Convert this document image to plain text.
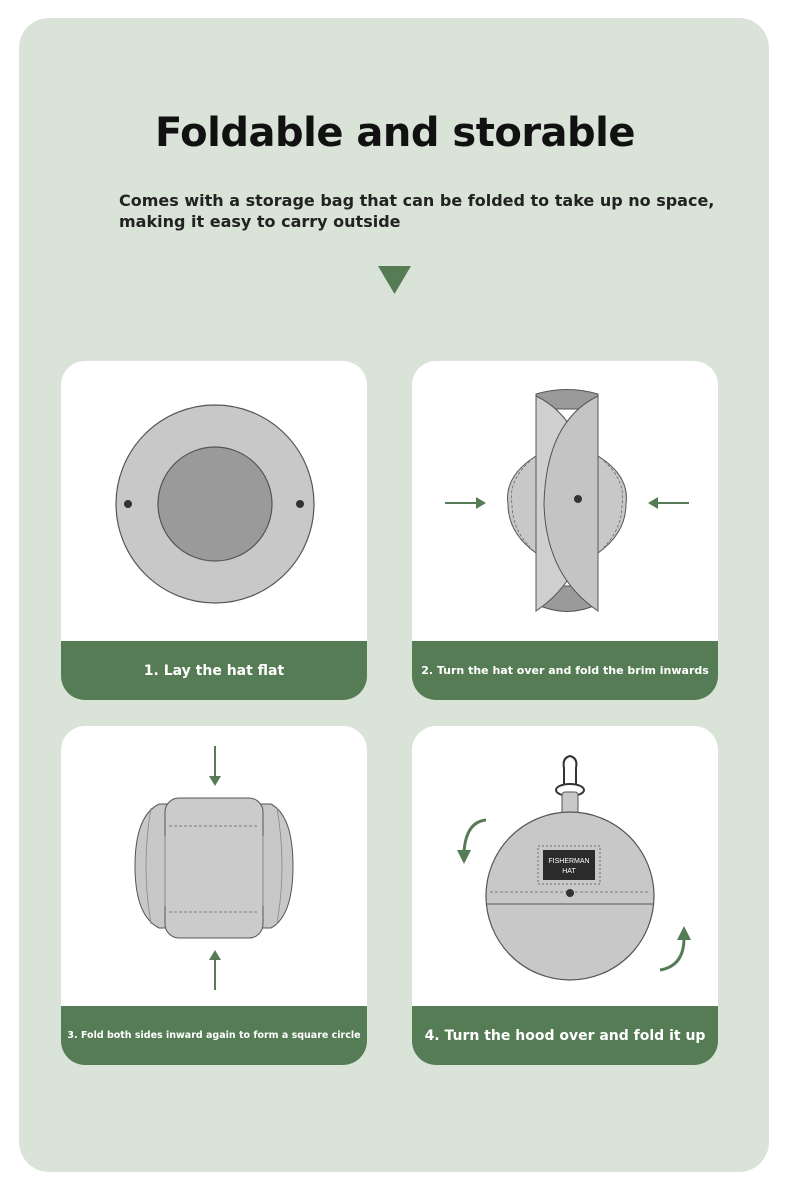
Foldable and storable
Comes with a storage bag that can be folded to take up no space,
making it easy to carry outside
1. Lay the hat flat	2. Turn the hat over and fold the brim inwards
3. Fold both sides inward again to form a square circle
FISHERMAN
HAT
4. Turn the hood over and fold it up
